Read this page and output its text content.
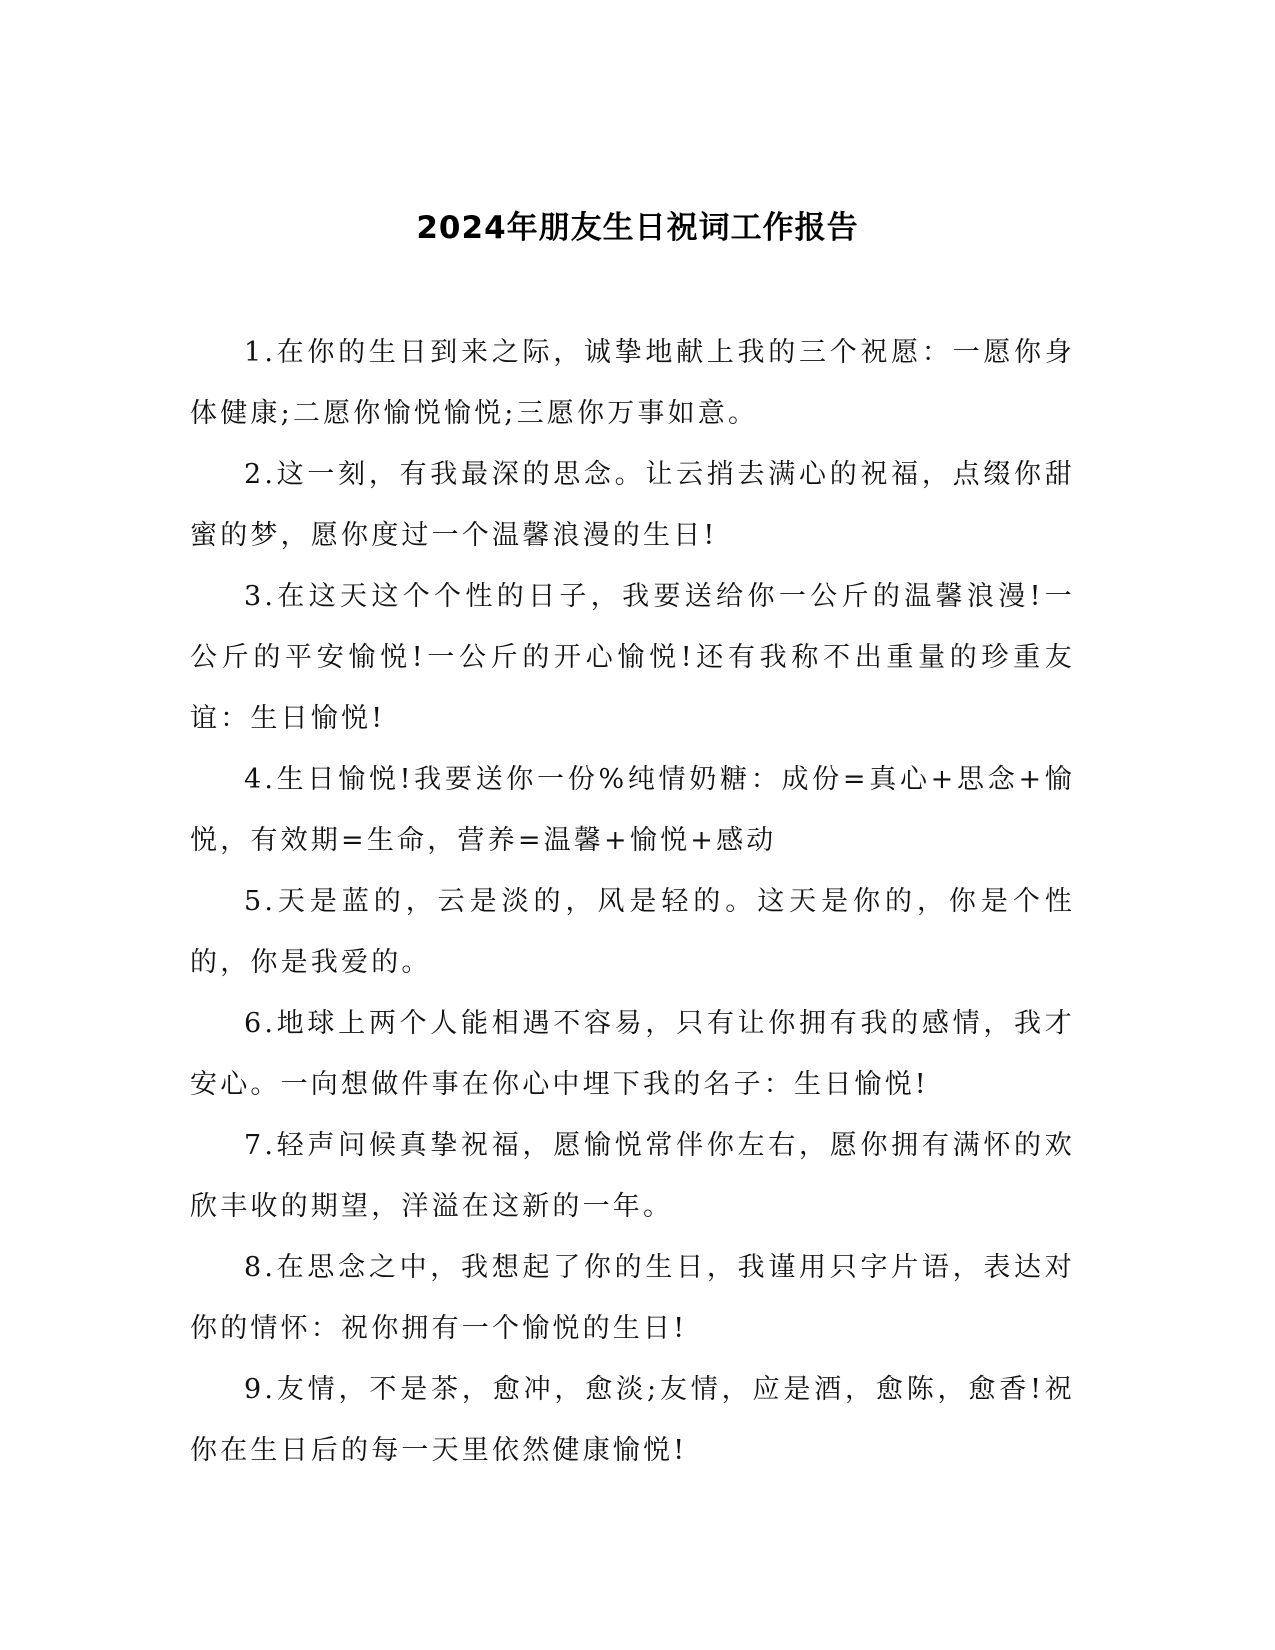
2024年朋友生日祝词工作报告

1.在你的生日到来之际，诚挚地献上我的三个祝愿：一愿你身体健康;二愿你愉悦愉悦;三愿你万事如意。

2.这一刻，有我最深的思念。让云捎去满心的祝福，点缀你甜蜜的梦，愿你度过一个温馨浪漫的生日!

3.在这天这个个性的日子，我要送给你一公斤的温馨浪漫!一公斤的平安愉悦!一公斤的开心愉悦!还有我称不出重量的珍重友谊：生日愉悦!

4.生日愉悦!我要送你一份%纯情奶糖：成份=真心+思念+愉悦，有效期=生命，营养=温馨+愉悦+感动

5.天是蓝的，云是淡的，风是轻的。这天是你的，你是个性的，你是我爱的。

6.地球上两个人能相遇不容易，只有让你拥有我的感情，我才安心。一向想做件事在你心中埋下我的名子：生日愉悦!

7.轻声问候真挚祝福，愿愉悦常伴你左右，愿你拥有满怀的欢欣丰收的期望，洋溢在这新的一年。

8.在思念之中，我想起了你的生日，我谨用只字片语，表达对你的情怀：祝你拥有一个愉悦的生日!

9.友情，不是茶，愈冲，愈淡;友情，应是酒，愈陈，愈香!祝你在生日后的每一天里依然健康愉悦!
